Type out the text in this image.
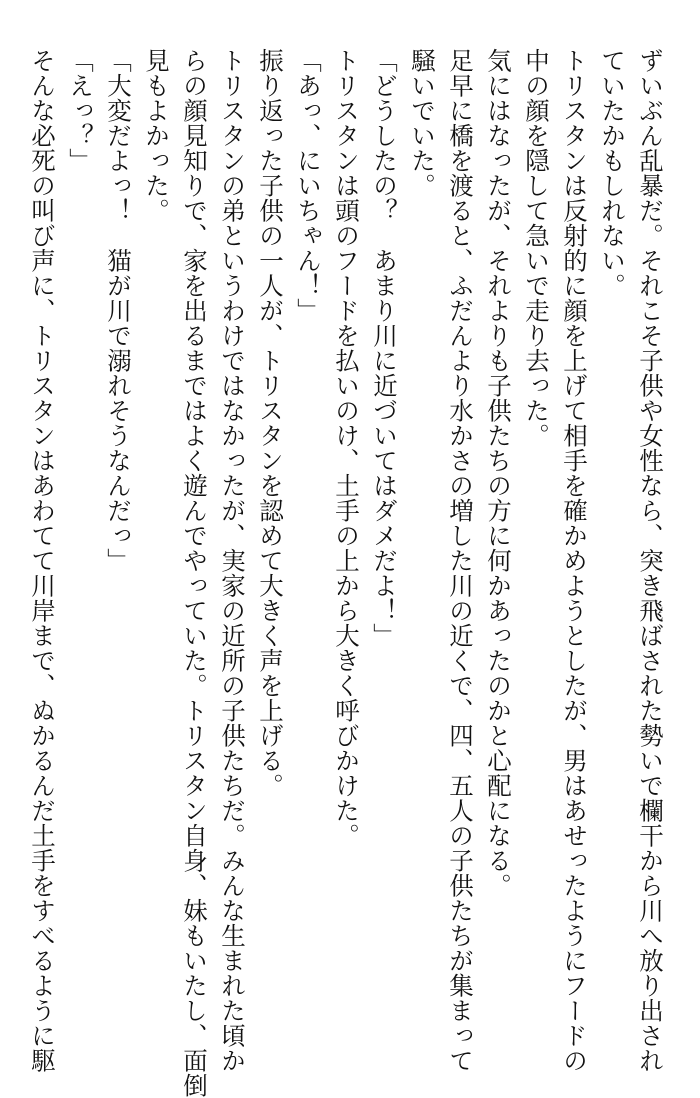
ずいぶん乱暴だ。それこそ子供や女性なら、突き飛ばされた勢いで欄干から川へ放り出され
ていたかもしれない。
トリスタンは反射的に顔を上げて相手を確かめようとしたが、男はあせったようにフードの
中の顔を隠して急いで走り去った。
気にはなったが、それよりも子供たちの方に何かあったのかと心配になる。
足早に橋を渡ると、ふだんより水かさの増した川の近くで、四、五人の子供たちが集まって
騒いでいた。
「どうしたの？　あまり川に近づいてはダメだよ！」
トリスタンは頭のフードを払いのけ、土手の上から大きく呼びかけた。
「あっ、にいちゃん！」
振り返った子供の一人が、トリスタンを認めて大きく声を上げる。
トリスタンの弟というわけではなかったが、実家の近所の子供たちだ。みんな生まれた頃か
らの顔見知りで、家を出るまではよく遊んでやっていた。トリスタン自身、妹もいたし、面倒
見もよかった。
「大変だよっ！　猫が川で溺れそうなんだっ」
「えっ？」
そんな必死の叫び声に、トリスタンはあわてて川岸まで、ぬかるんだ土手をすべるように駆
